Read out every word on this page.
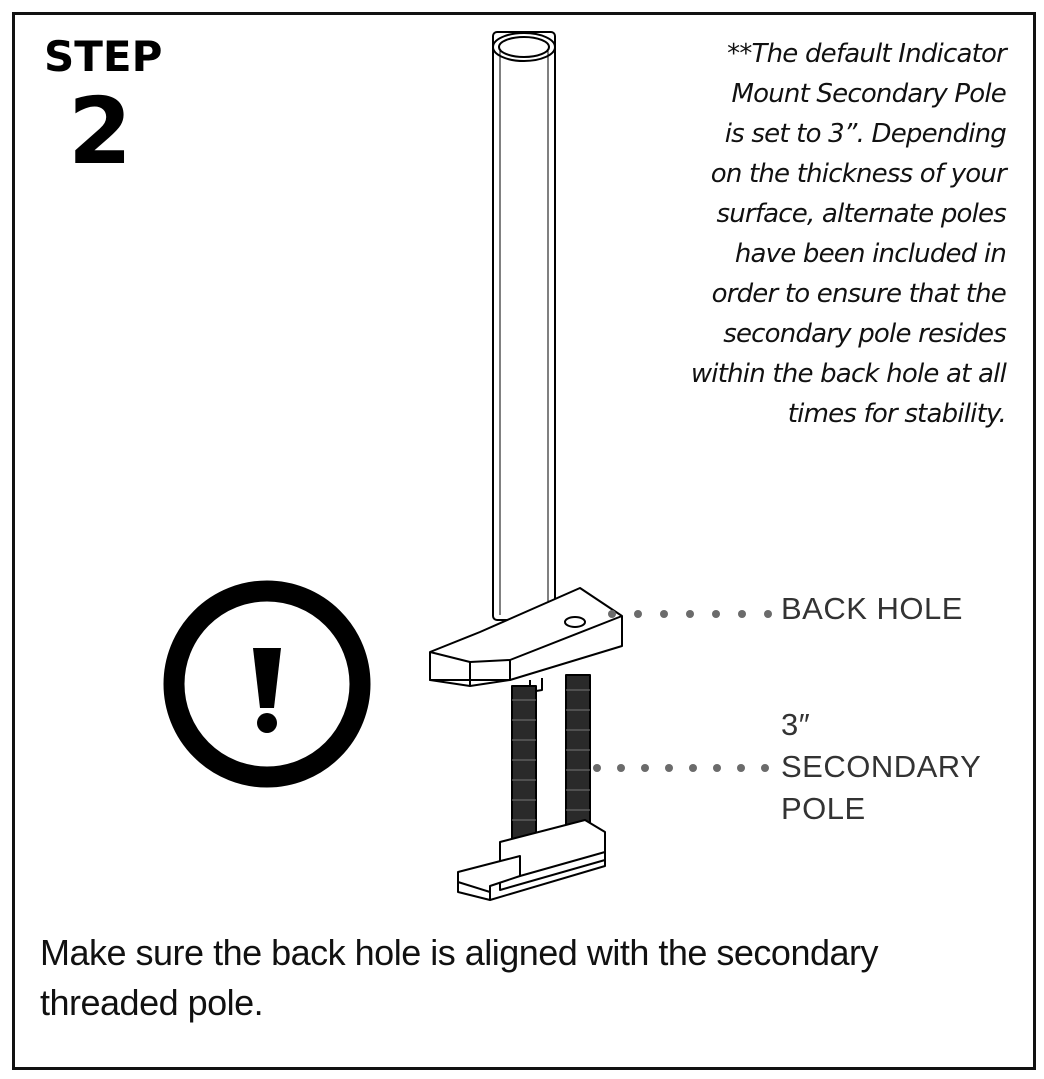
STEP
2
**The default Indicator
Mount Secondary Pole
is set to 3”. Depending
on the thickness of your
surface, alternate poles
have been included in
order to ensure that the
secondary pole resides
within the back hole at all
times for stability.
BACK HOLE
3″
SECONDARY
POLE
Make sure the back hole is aligned with the secondary
threaded pole.
